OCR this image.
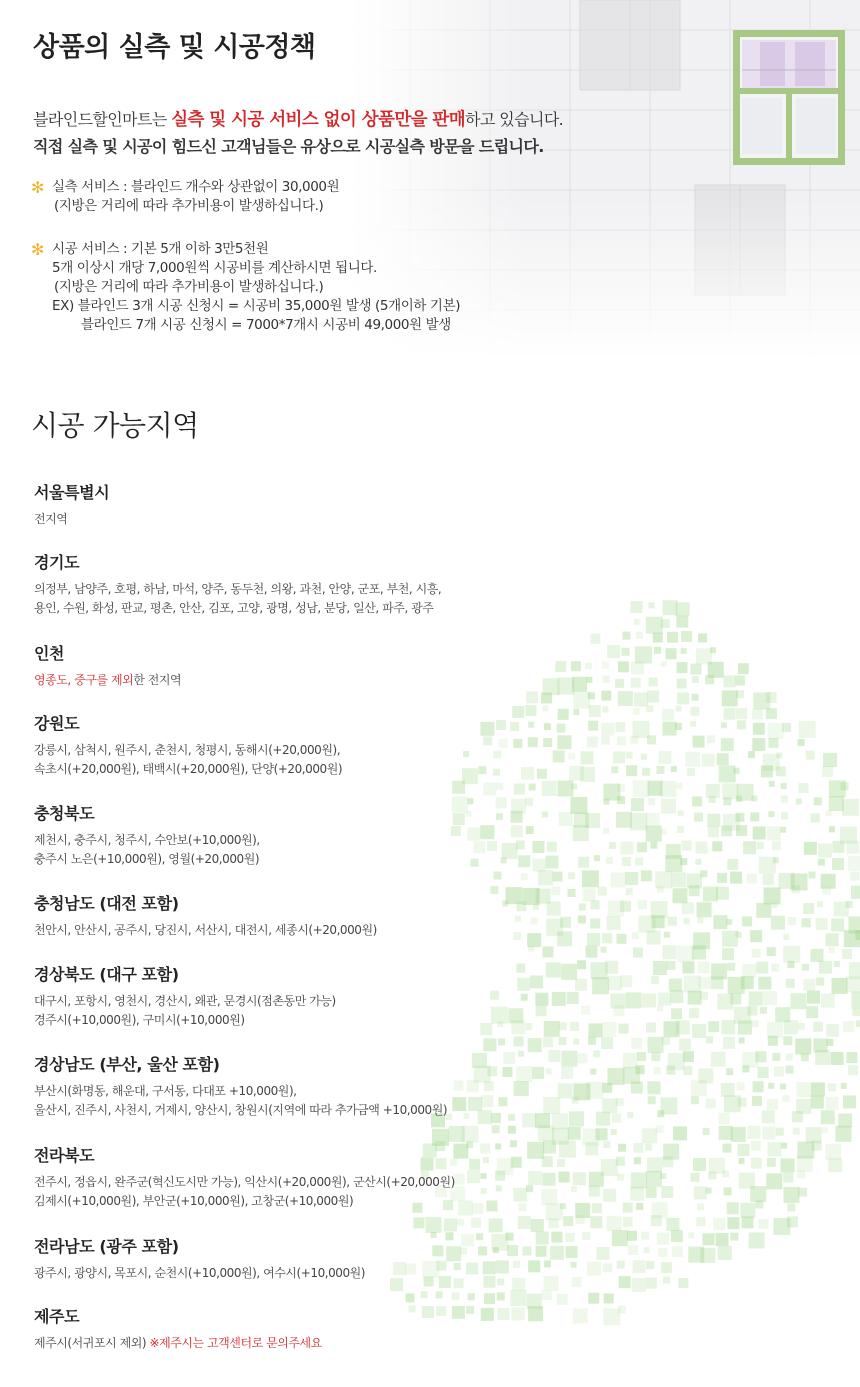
상품의 실측 및 시공정책
블라인드할인마트는 실측 및 시공 서비스 없이 상품만을 판매하고 있습니다.
직접 실측 및 시공이 힘드신 고객님들은 유상으로 시공실측 방문을 드립니다.
✻ 실측 서비스 : 블라인드 개수와 상관없이 30,000원
(지방은 거리에 따라 추가비용이 발생하십니다.)
✻ 시공 서비스 : 기본 5개 이하 3만5천원
5개 이상시 개당 7,000원씩 시공비를 계산하시면 됩니다.
(지방은 거리에 따라 추가비용이 발생하십니다.)
EX) 블라인드 3개 시공 신청시 = 시공비 35,000원 발생 (5개이하 기본)
블라인드 7개 시공 신청시 = 7000*7개시 시공비 49,000원 발생
시공 가능지역
서울특별시
전지역
경기도
의정부, 남양주, 호평, 하남, 마석, 양주, 동두천, 의왕, 과천, 안양, 군포, 부천, 시흥,
용인, 수원, 화성, 판교, 평촌, 안산, 김포, 고양, 광명, 성남, 분당, 일산, 파주, 광주
인천
영종도, 중구를 제외한 전지역
강원도
강릉시, 삼척시, 원주시, 춘천시, 청평시, 동해시(+20,000원),
속초시(+20,000원), 태백시(+20,000원), 단양(+20,000원)
충청북도
제천시, 충주시, 청주시, 수안보(+10,000원),
충주시 노은(+10,000원), 영월(+20,000원)
충청남도 (대전 포함)
천안시, 안산시, 공주시, 당진시, 서산시, 대전시, 세종시(+20,000원)
경상북도 (대구 포함)
대구시, 포항시, 영천시, 경산시, 왜관, 문경시(점촌동만 가능)
경주시(+10,000원), 구미시(+10,000원)
경상남도 (부산, 울산 포함)
부산시(화명동, 해운대, 구서동, 다대포 +10,000원),
울산시, 진주시, 사천시, 거제시, 양산시, 창원시(지역에 따라 추가금액 +10,000원)
전라북도
전주시, 정읍시, 완주군(혁신도시만 가능), 익산시(+20,000원), 군산시(+20,000원)
김제시(+10,000원), 부안군(+10,000원), 고창군(+10,000원)
전라남도 (광주 포함)
광주시, 광양시, 목포시, 순천시(+10,000원), 여수시(+10,000원)
제주도
제주시(서귀포시 제외) ※제주시는 고객센터로 문의주세요
